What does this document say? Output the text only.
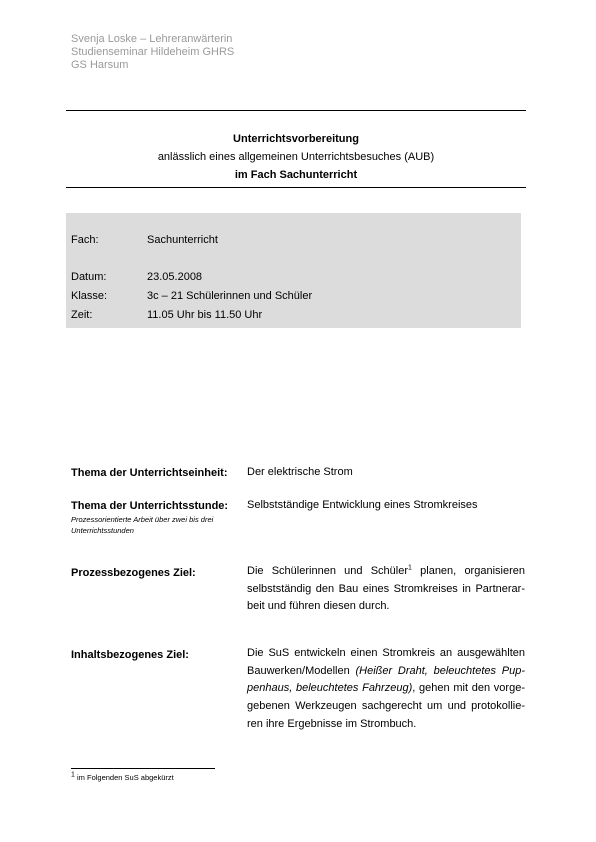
Svenja Loske – Lehreranwärterin
Studienseminar Hildeheim GHRS
GS Harsum
Unterrichtsvorbereitung
anlässlich eines allgemeinen Unterrichtsbesuches (AUB)
im Fach Sachunterricht
Fach:	Sachunterricht
Datum:	23.05.2008
Klasse:	3c – 21 Schülerinnen und Schüler
Zeit:	11.05 Uhr bis 11.50 Uhr
Thema der Unterrichtseinheit: Der elektrische Strom
Thema der Unterrichtsstunde:
Prozessorientierte Arbeit über zwei bis drei Unterrichtsstunden
Selbstständige Entwicklung eines Stromkreises
Prozessbezogenes Ziel:	Die Schülerinnen und Schüler$^1$ planen, organisieren
selbstständig den Bau eines Stromkreises in Partnerar-
beit und führen diesen durch.
Inhaltsbezogenes Ziel:	Die SuS entwickeln einen Stromkreis an ausgewählten
Bauwerken/Modellen (Heißer Draht, beleuchtetes Pup-
penhaus, beleuchtetes Fahrzeug), gehen mit den vorge-
gebenen Werkzeugen sachgerecht um und protokollie-
ren ihre Ergebnisse im Strombuch.
$^1$ im Folgenden SuS abgekürzt
